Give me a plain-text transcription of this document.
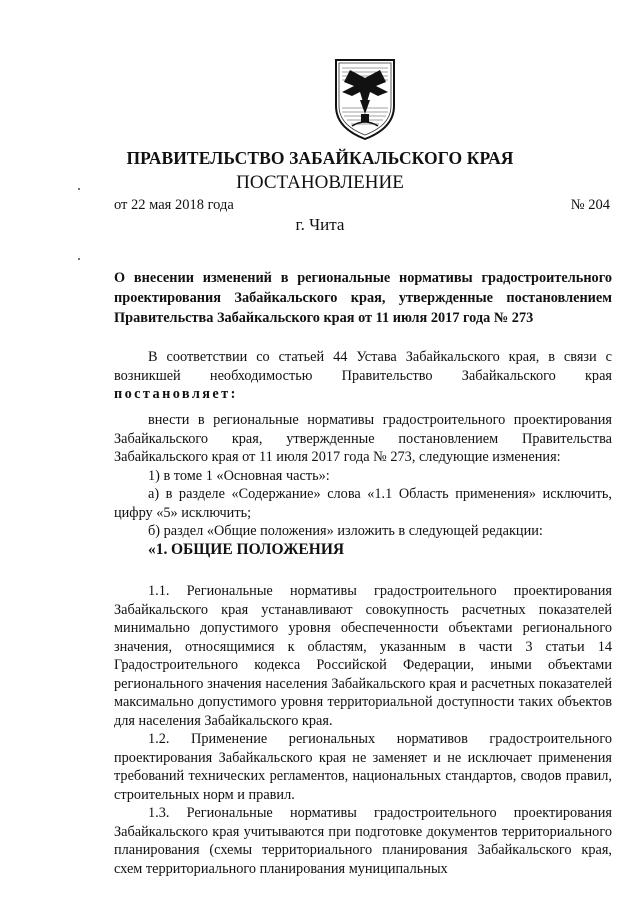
ПРАВИТЕЛЬСТВО ЗАБАЙКАЛЬСКОГО КРАЯ
ПОСТАНОВЛЕНИЕ
от 22 мая 2018 года	№ 204
г. Чита
О внесении изменений в региональные нормативы градостроительного проектирования Забайкальского края, утвержденные постановлением Правительства Забайкальского края от 11 июля 2017 года № 273
В соответствии со статьей 44 Устава Забайкальского края, в связи с возникшей необходимостью Правительство Забайкальского края постановляет:
внести в региональные нормативы градостроительного проектирования Забайкальского края, утвержденные постановлением Правительства Забайкальского края от 11 июля 2017 года № 273, следующие изменения:
1) в томе 1 «Основная часть»:
а) в разделе «Содержание» слова «1.1 Область применения» исключить, цифру «5» исключить;
б) раздел «Общие положения» изложить в следующей редакции:
«1. ОБЩИЕ ПОЛОЖЕНИЯ
1.1. Региональные нормативы градостроительного проектирования Забайкальского края устанавливают совокупность расчетных показателей минимально допустимого уровня обеспеченности объектами регионального значения, относящимися к областям, указанным в части 3 статьи 14 Градостроительного кодекса Российской Федерации, иными объектами регионального значения населения Забайкальского края и расчетных показателей максимально допустимого уровня территориальной доступности таких объектов для населения Забайкальского края.
1.2. Применение региональных нормативов градостроительного проектирования Забайкальского края не заменяет и не исключает применения требований технических регламентов, национальных стандартов, сводов правил, строительных норм и правил.
1.3. Региональные нормативы градостроительного проектирования Забайкальского края учитываются при подготовке документов территориального планирования (схемы территориального планирования Забайкальского края, схем территориального планирования муниципальных
